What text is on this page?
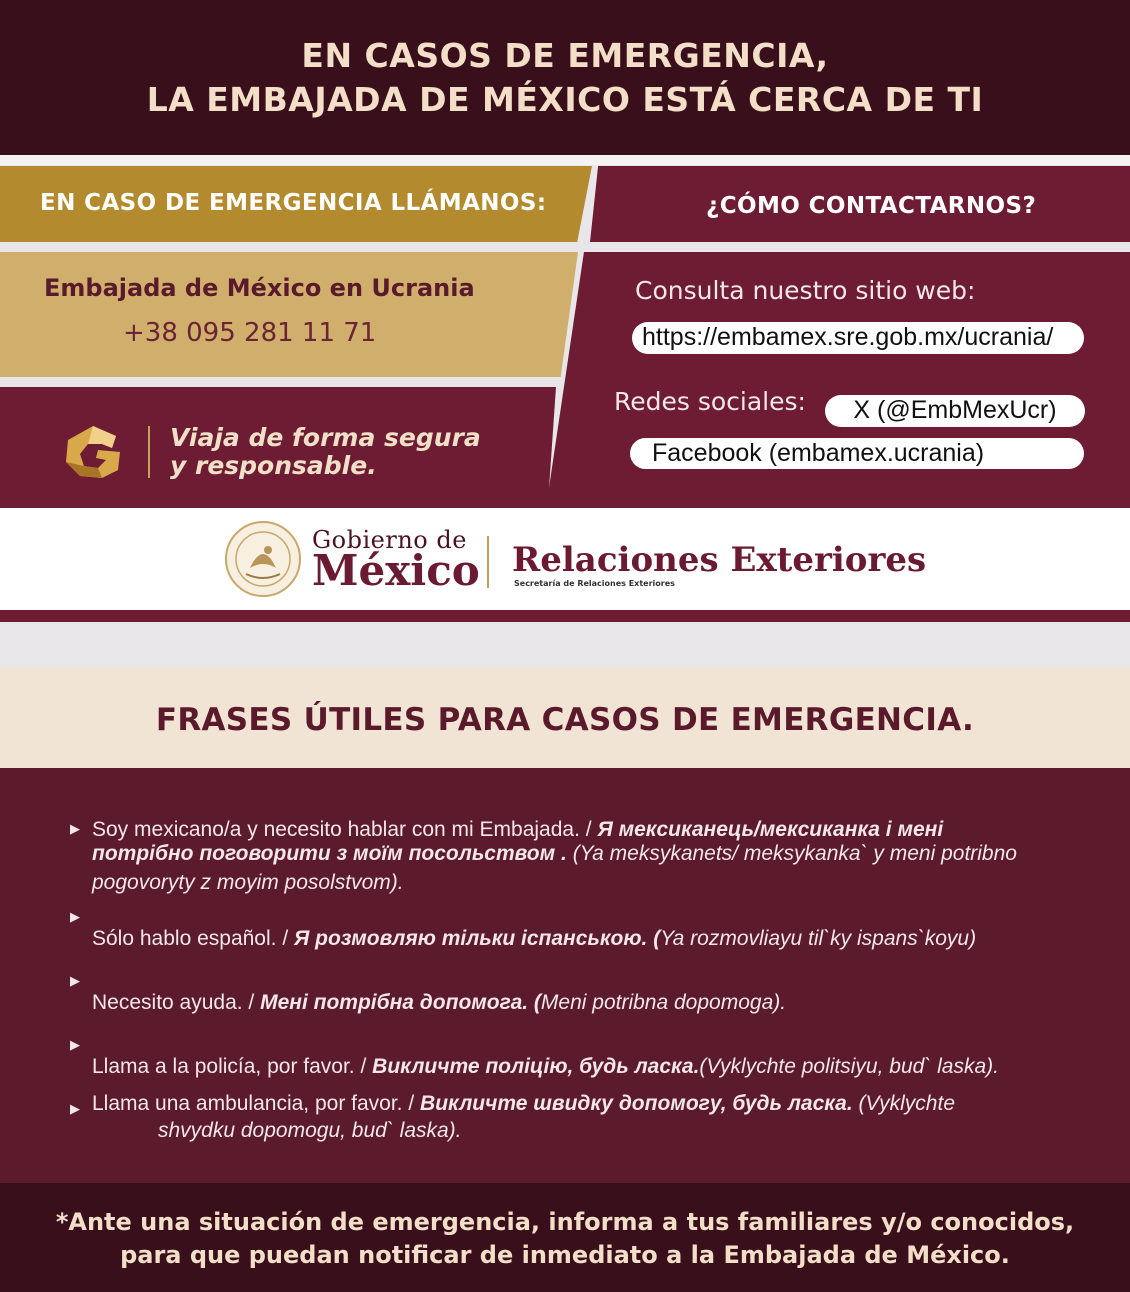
EN CASOS DE EMERGENCIA,
LA EMBAJADA DE MÉXICO ESTÁ CERCA DE TI
EN CASO DE EMERGENCIA LLÁMANOS:	¿CÓMO CONTACTARNOS?
Embajada de México en Ucrania
+38 095 281 11 71
Consulta nuestro sitio web:
https://embamex.sre.gob.mx/ucrania/
Redes sociales:	X (@EmbMexUcr)
Facebook (embamex.ucrania)
Viaja de forma segura
y responsable.
Gobierno de
México Relaciones Exteriores
Secretaría de Relaciones Exteriores
FRASES ÚTILES PARA CASOS DE EMERGENCIA.
▶ Soy mexicano/a y necesito hablar con mi Embajada. / Я мексиканець/мексиканка і мені
потрібно поговорити з моїм посольством . (Ya meksykanets/ meksykanka` y meni potribno
pogovoryty z moyim posolstvom).
▶
Sólo hablo español. / Я розмовляю тільки іспанською. (Ya rozmovliayu til`ky ispans`koyu)
▶
Necesito ayuda. / Мені потрібна допомога. (Meni potribna dopomoga).
▶
Llama a la policía, por favor. / Викличте поліцію, будь ласка.(Vyklychte politsiyu, bud` laska).
▶ Llama una ambulancia, por favor. / Викличте швидку допомогу, будь ласка. (Vyklychte
shvydku dopomogu, bud` laska).
*Ante una situación de emergencia, informa a tus familiares y/o conocidos,
para que puedan notificar de inmediato a la Embajada de México.
